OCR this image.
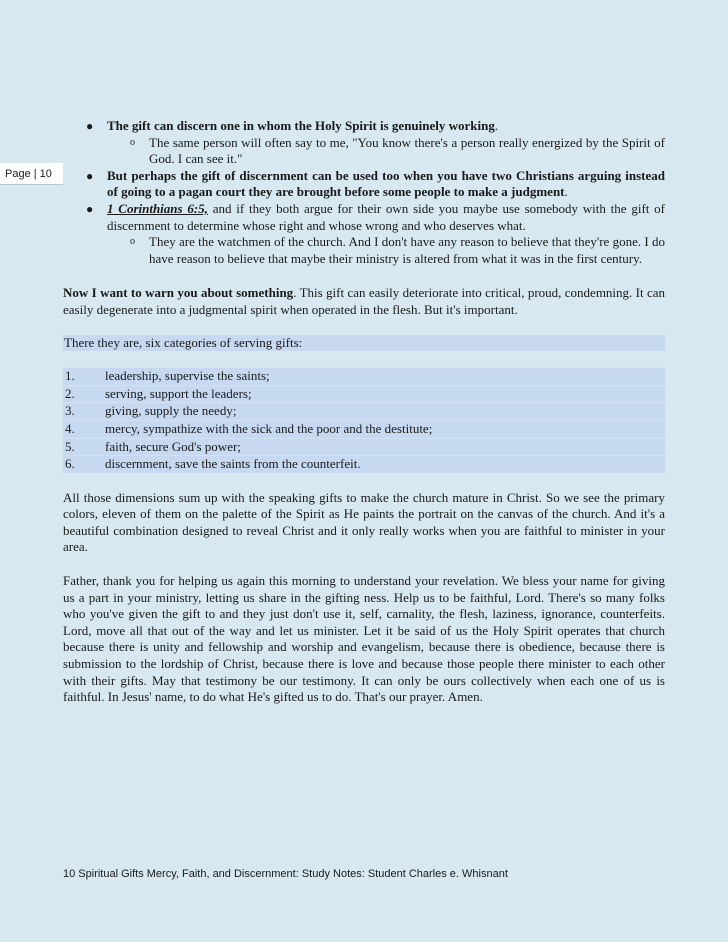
Page | 10
● The gift can discern one in whom the Holy Spirit is genuinely working.
o The same person will often say to me, "You know there's a person really energized by the Spirit of God. I can see it."
● But perhaps the gift of discernment can be used too when you have two Christians arguing instead of going to a pagan court they are brought before some people to make a judgment.
● 1 Corinthians 6:5, and if they both argue for their own side you maybe use somebody with the gift of discernment to determine whose right and whose wrong and who deserves what.
o They are the watchmen of the church. And I don't have any reason to believe that they're gone. I do have reason to believe that maybe their ministry is altered from what it was in the first century.

Now I want to warn you about something. This gift can easily deteriorate into critical, proud, condemning. It can easily degenerate into a judgmental spirit when operated in the flesh. But it's important.

There they are, six categories of serving gifts:
1. leadership, supervise the saints;
2. serving, support the leaders;
3. giving, supply the needy;
4. mercy, sympathize with the sick and the poor and the destitute;
5. faith, secure God's power;
6. discernment, save the saints from the counterfeit.

All those dimensions sum up with the speaking gifts to make the church mature in Christ. So we see the primary colors, eleven of them on the palette of the Spirit as He paints the portrait on the canvas of the church. And it's a beautiful combination designed to reveal Christ and it only really works when you are faithful to minister in your area.

Father, thank you for helping us again this morning to understand your revelation. We bless your name for giving us a part in your ministry, letting us share in the gifting ness. Help us to be faithful, Lord. There's so many folks who you've given the gift to and they just don't use it, self, carnality, the flesh, laziness, ignorance, counterfeits. Lord, move all that out of the way and let us minister. Let it be said of us the Holy Spirit operates that church because there is unity and fellowship and worship and evangelism, because there is obedience, because there is submission to the lordship of Christ, because there is love and because those people there minister to each other with their gifts. May that testimony be our testimony. It can only be ours collectively when each one of us is faithful. In Jesus' name, to do what He's gifted us to do. That's our prayer. Amen.

10 Spiritual Gifts Mercy, Faith, and Discernment: Study Notes: Student Charles e. Whisnant
